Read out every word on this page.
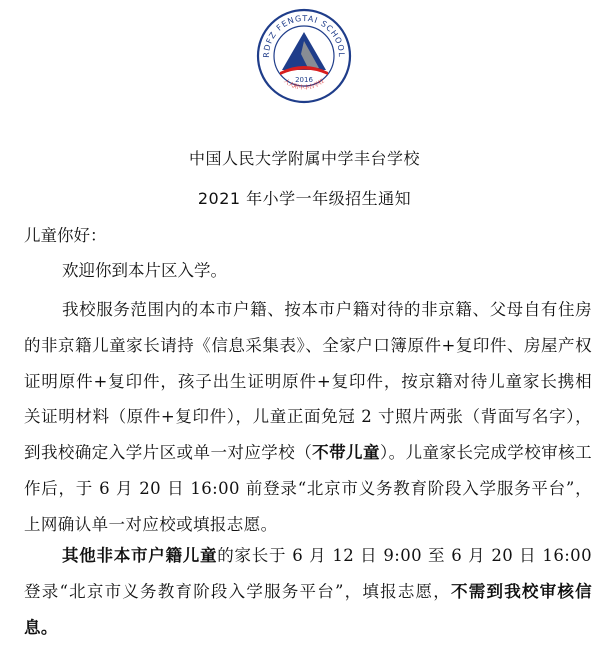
RDFZ FENGTAI SCHOOL
2016
人大附中丰台学校
中国人民大学附属中学丰台学校
2021 年小学一年级招生通知
儿童你好：
欢迎你到本片区入学。
我校服务范围内的本市户籍、按本市户籍对待的非京籍、父母自有住房的非京籍儿童家长请持《信息采集表》、全家户口簿原件+复印件、房屋产权证明原件+复印件，孩子出生证明原件+复印件，按京籍对待儿童家长携相关证明材料（原件+复印件），儿童正面免冠 2 寸照片两张（背面写名字），到我校确定入学片区或单一对应学校（不带儿童）。儿童家长完成学校审核工作后，于 6 月 20 日 16:00 前登录“北京市义务教育阶段入学服务平台”，上网确认单一对应校或填报志愿。
其他非本市户籍儿童的家长于 6 月 12 日 9:00 至 6 月 20 日 16:00 登录“北京市义务教育阶段入学服务平台”，填报志愿，不需到我校审核信息。
